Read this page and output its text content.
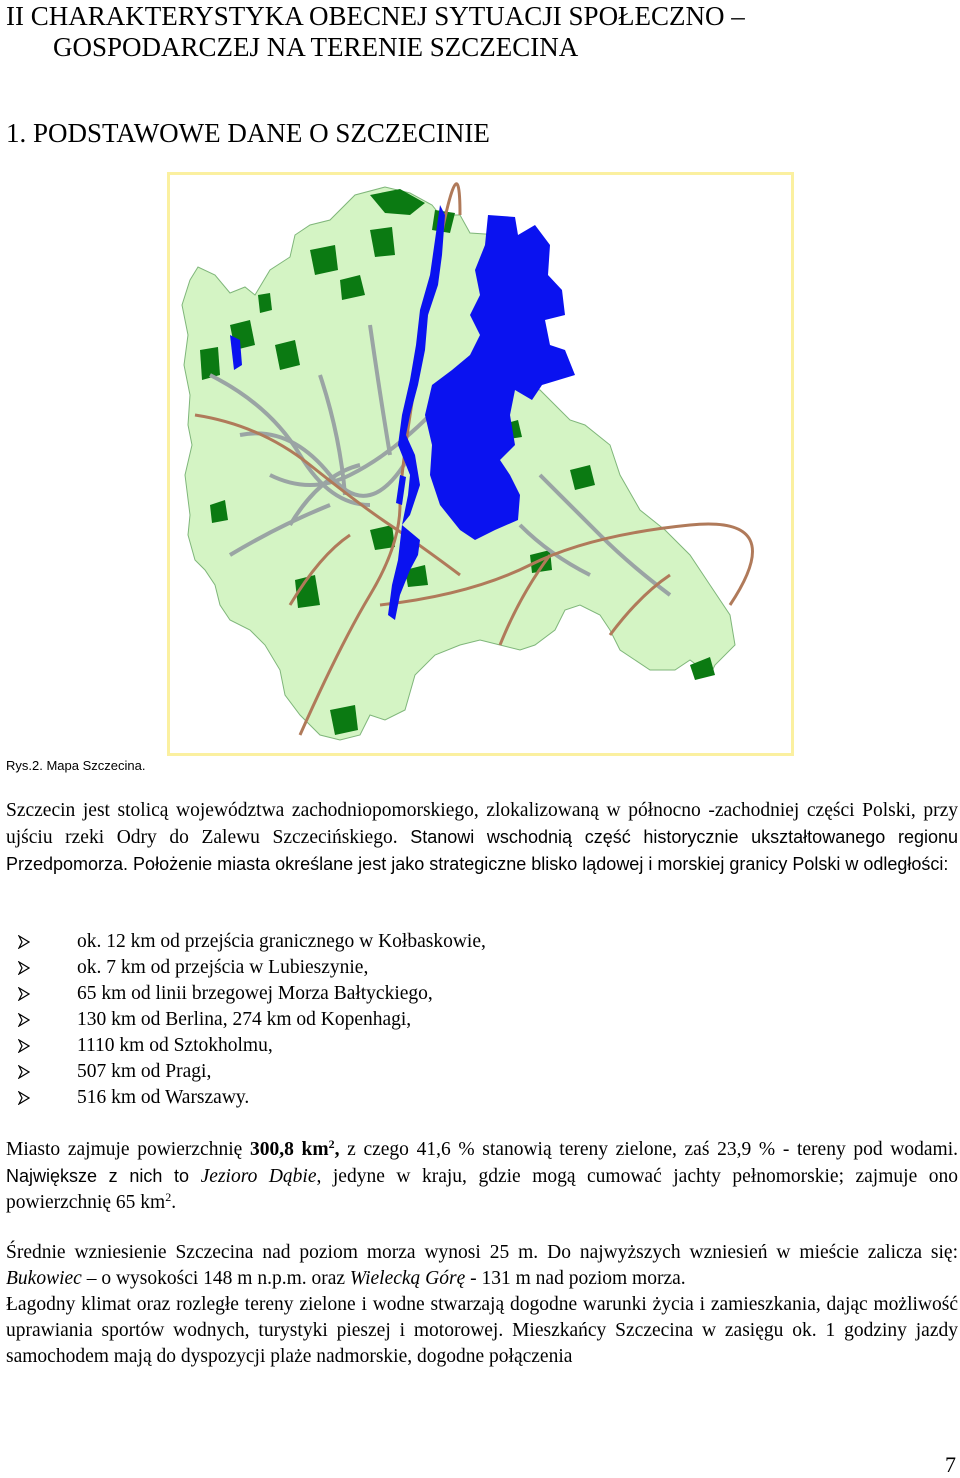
II CHARAKTERYSTYKA OBECNEJ SYTUACJI SPOŁECZNO –
GOSPODARCZEJ NA TERENIE SZCZECINA
1. PODSTAWOWE DANE O SZCZECINIE
Rys.2. Mapa Szczecina.

Szczecin jest stolicą województwa zachodniopomorskiego, zlokalizowaną w północno -zachodniej części Polski, przy ujściu rzeki Odry do Zalewu Szczecińskiego. Stanowi wschodnią część historycznie ukształtowanego regionu Przedpomorza. Położenie miasta określane jest jako strategiczne blisko lądowej i morskiej granicy Polski w odległości:

ok. 12 km od przejścia granicznego w Kołbaskowie,
ok. 7 km od przejścia w Lubieszynie,
65 km od linii brzegowej Morza Bałtyckiego,
130 km od Berlina, 274 km od Kopenhagi,
1110 km od Sztokholmu,
507 km od Pragi,
516 km od Warszawy.

Miasto zajmuje powierzchnię 300,8 $km^2$, z czego 41,6 % stanowią tereny zielone, zaś 23,9 % - tereny pod wodami. Największe z nich to Jezioro Dąbie, jedyne w kraju, gdzie mogą cumować jachty pełnomorskie; zajmuje ono powierzchnię 65 $km^2$.

Średnie wzniesienie Szczecina nad poziom morza wynosi 25 m. Do najwyższych wzniesień w mieście zalicza się: Bukowiec – o wysokości 148 m n.p.m. oraz Wielecką Górę - 131 m nad poziom morza.
Łagodny klimat oraz rozległe tereny zielone i wodne stwarzają dogodne warunki życia i zamieszkania, dając możliwość uprawiania sportów wodnych, turystyki pieszej i motorowej. Mieszkańcy Szczecina w zasięgu ok. 1 godziny jazdy samochodem mają do dyspozycji plaże nadmorskie, dogodne połączenia

7
